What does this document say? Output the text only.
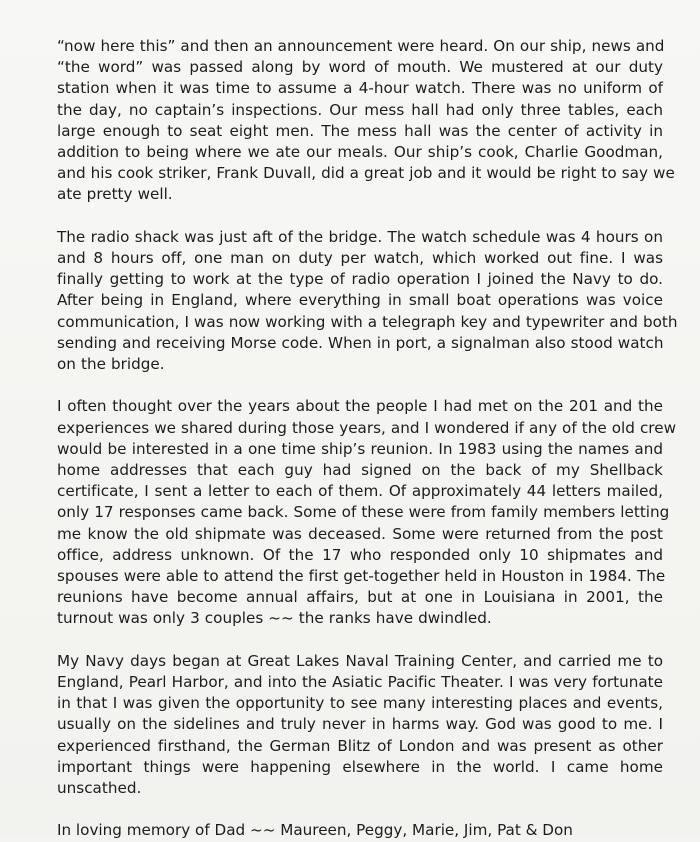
“now here this” and then an announcement were heard. On our ship, news and
“the word” was passed along by word of mouth. We mustered at our duty
station when it was time to assume a 4-hour watch. There was no uniform of
the day, no captain’s inspections. Our mess hall had only three tables, each
large enough to seat eight men. The mess hall was the center of activity in
addition to being where we ate our meals. Our ship’s cook, Charlie Goodman,
and his cook striker, Frank Duvall, did a great job and it would be right to say we
ate pretty well.

The radio shack was just aft of the bridge. The watch schedule was 4 hours on
and 8 hours off, one man on duty per watch, which worked out fine. I was
finally getting to work at the type of radio operation I joined the Navy to do.
After being in England, where everything in small boat operations was voice
communication, I was now working with a telegraph key and typewriter and both
sending and receiving Morse code. When in port, a signalman also stood watch
on the bridge.

I often thought over the years about the people I had met on the 201 and the
experiences we shared during those years, and I wondered if any of the old crew
would be interested in a one time ship’s reunion. In 1983 using the names and
home addresses that each guy had signed on the back of my Shellback
certificate, I sent a letter to each of them. Of approximately 44 letters mailed,
only 17 responses came back. Some of these were from family members letting
me know the old shipmate was deceased. Some were returned from the post
office, address unknown. Of the 17 who responded only 10 shipmates and
spouses were able to attend the first get-together held in Houston in 1984. The
reunions have become annual affairs, but at one in Louisiana in 2001, the
turnout was only 3 couples ~~ the ranks have dwindled.

My Navy days began at Great Lakes Naval Training Center, and carried me to
England, Pearl Harbor, and into the Asiatic Pacific Theater. I was very fortunate
in that I was given the opportunity to see many interesting places and events,
usually on the sidelines and truly never in harms way. God was good to me. I
experienced firsthand, the German Blitz of London and was present as other
important things were happening elsewhere in the world. I came home
unscathed.

In loving memory of Dad ~~ Maureen, Peggy, Marie, Jim, Pat & Don
